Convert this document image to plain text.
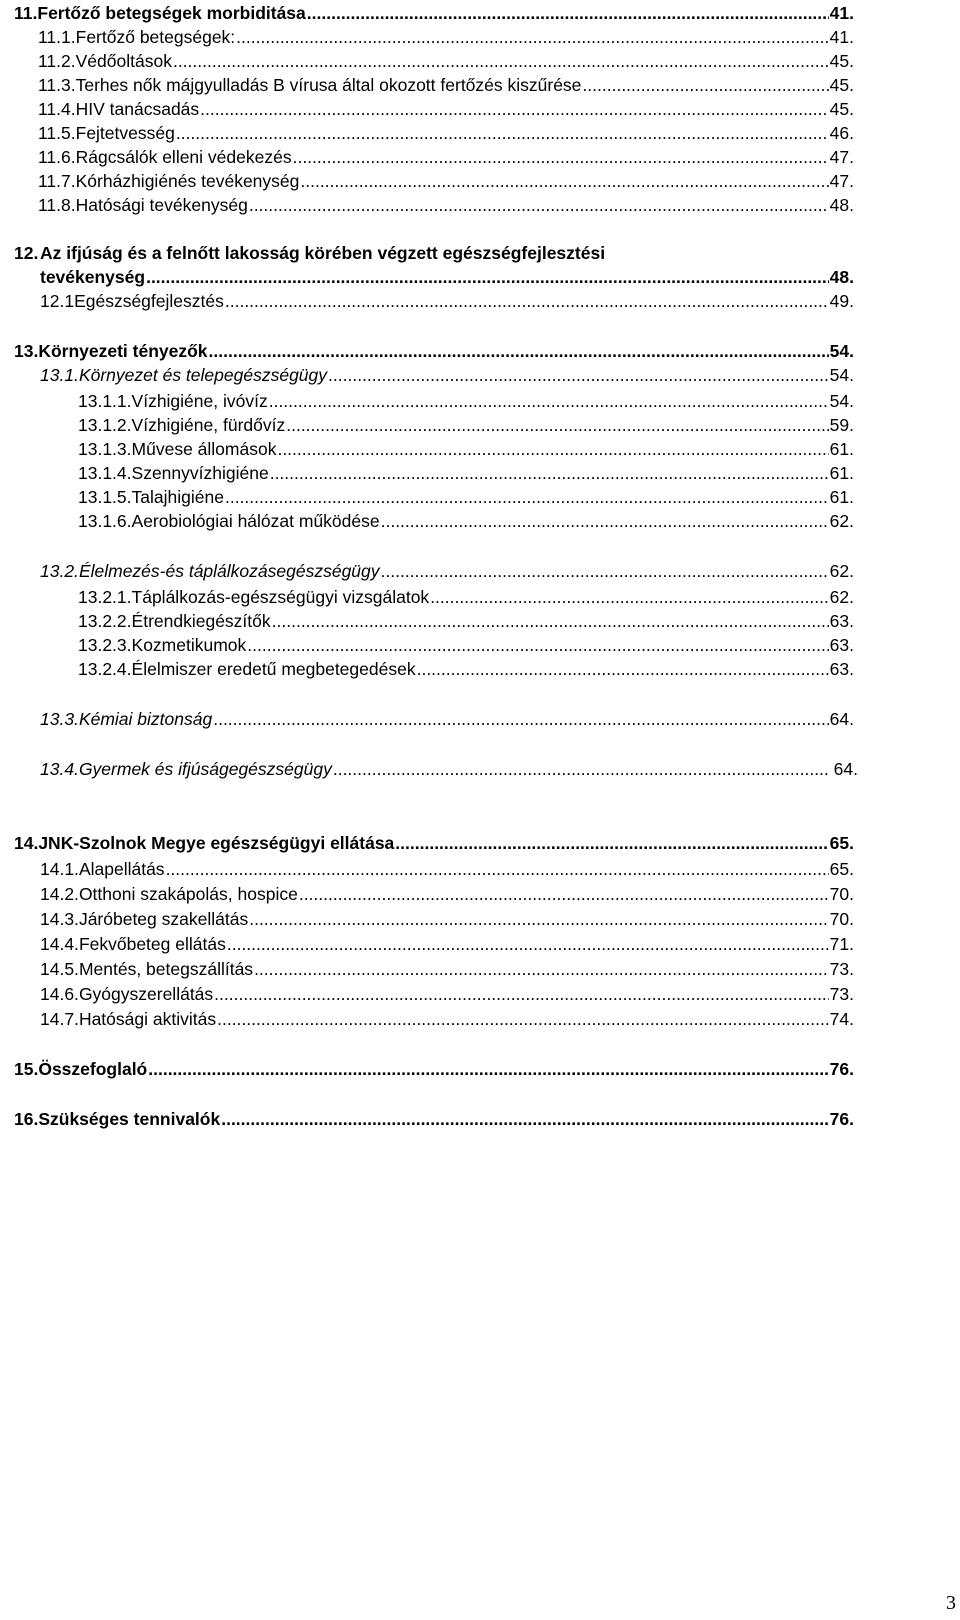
11. Fertőző betegségek morbiditása .....	41.
11.1. Fertőző betegségek: .....	41.
11.2. Védőoltások .....	45.
11.3. Terhes nők májgyulladás B vírusa által okozott fertőzés kiszűrése .....	45.
11.4. HIV tanácsadás .....	45.
11.5. Fejtetvesség .....	46.
11.6. Rágcsálók elleni védekezés .....	47.
11.7. Kórházhigiénés tevékenység .....	47.
11.8. Hatósági tevékenység .....	48.
12. Az ifjúság és a felnőtt lakosság körében végzett egészségfejlesztési
tevékenység .....	48.
12.1 Egészségfejlesztés .....	49.
13. Környezeti tényezők .....	54.
13.1. Környezet és telepegészségügy .....	54.
13.1.1. Vízhigiéne, ivóvíz .....	54.
13.1.2. Vízhigiéne, fürdővíz .....	59.
13.1.3. Művese állomások .....	61.
13.1.4. Szennyvízhigiéne .....	61.
13.1.5. Talajhigiéne .....	61.
13.1.6. Aerobiológiai hálózat működése .....	62.
13.2. Élelmezés-és táplálkozásegészségügy .....	62.
13.2.1. Táplálkozás-egészségügyi vizsgálatok .....	62.
13.2.2. Étrendkiegészítők .....	63.
13.2.3. Kozmetikumok .....	63.
13.2.4. Élelmiszer eredetű megbetegedések .....	63.
13.3. Kémiai biztonság .....	64.
13.4. Gyermek és ifjúságegészségügy .....	64.
14. JNK-Szolnok Megye egészségügyi ellátása .....	65.
14.1. Alapellátás .....	65.
14.2. Otthoni szakápolás, hospice .....	70.
14.3. Járóbeteg szakellátás .....	70.
14.4. Fekvőbeteg ellátás .....	71.
14.5. Mentés, betegszállítás .....	73.
14.6. Gyógyszerellátás .....	73.
14.7. Hatósági aktivitás .....	74.
15. Összefoglaló .....	76.
16. Szükséges tennivalók .....	76.
3
